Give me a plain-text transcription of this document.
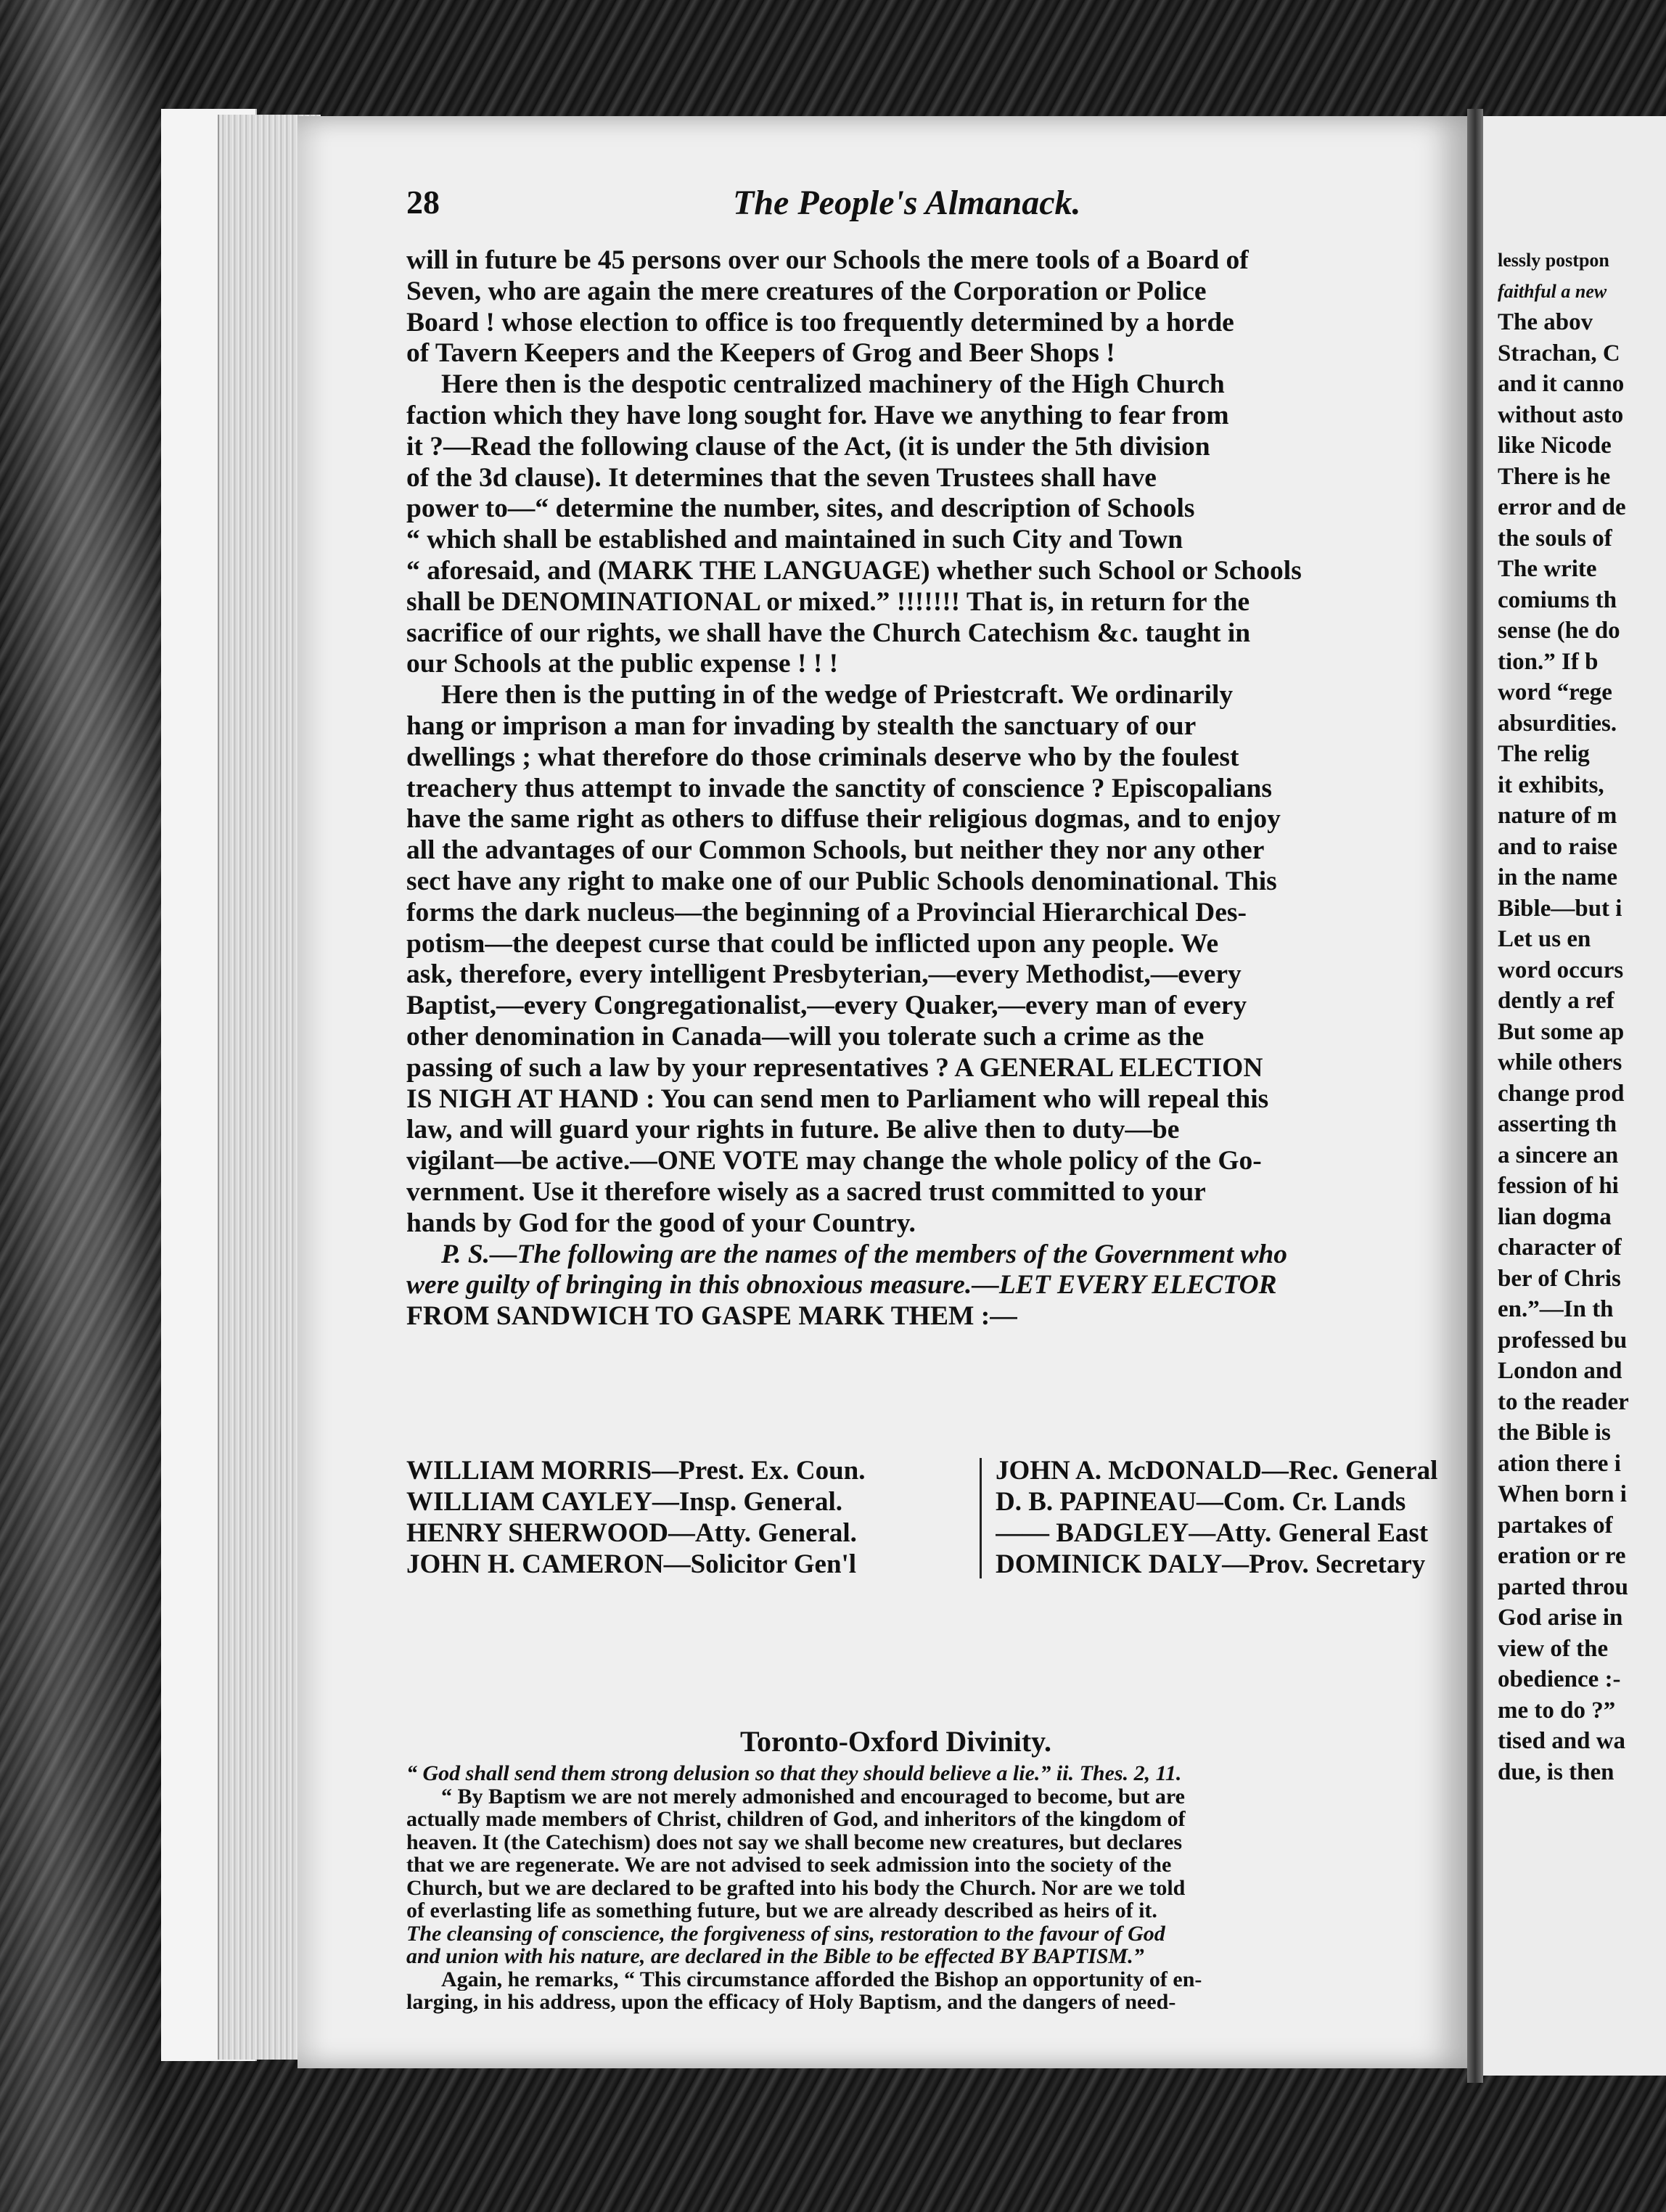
28	The People's Almanack.
will in future be 45 persons over our Schools the mere tools of a Board of
Seven, who are again the mere creatures of the Corporation or Police
Board ! whose election to office is too frequently determined by a horde
of Tavern Keepers and the Keepers of Grog and Beer Shops !
Here then is the despotic centralized machinery of the High Church
faction which they have long sought for. Have we anything to fear from
it ?—Read the following clause of the Act, (it is under the 5th division
of the 3d clause). It determines that the seven Trustees shall have
power to—“ determine the number, sites, and description of Schools
“ which shall be established and maintained in such City and Town
“ aforesaid, and (MARK THE LANGUAGE) whether such School or Schools
shall be DENOMINATIONAL or mixed.” !!!!!!! That is, in return for the
sacrifice of our rights, we shall have the Church Catechism &c. taught in
our Schools at the public expense ! ! !
Here then is the putting in of the wedge of Priestcraft. We ordinarily
hang or imprison a man for invading by stealth the sanctuary of our
dwellings ; what therefore do those criminals deserve who by the foulest
treachery thus attempt to invade the sanctity of conscience ? Episcopalians
have the same right as others to diffuse their religious dogmas, and to enjoy
all the advantages of our Common Schools, but neither they nor any other
sect have any right to make one of our Public Schools denominational. This
forms the dark nucleus—the beginning of a Provincial Hierarchical Des-
potism—the deepest curse that could be inflicted upon any people. We
ask, therefore, every intelligent Presbyterian,—every Methodist,—every
Baptist,—every Congregationalist,—every Quaker,—every man of every
other denomination in Canada—will you tolerate such a crime as the
passing of such a law by your representatives ? A GENERAL ELECTION
IS NIGH AT HAND : You can send men to Parliament who will repeal this
law, and will guard your rights in future. Be alive then to duty—be
vigilant—be active.—ONE VOTE may change the whole policy of the Go-
vernment. Use it therefore wisely as a sacred trust committed to your
hands by God for the good of your Country.
P. S.—The following are the names of the members of the Government who
were guilty of bringing in this obnoxious measure.—LET EVERY ELECTOR
FROM SANDWICH TO GASPE MARK THEM :—
WILLIAM MORRIS—Prest. Ex. Coun.
WILLIAM CAYLEY—Insp. General.
HENRY SHERWOOD—Atty. General.
JOHN H. CAMERON—Solicitor Gen'l
JOHN A. McDONALD—Rec. General
D. B. PAPINEAU—Com. Cr. Lands
—— BADGLEY—Atty. General East
DOMINICK DALY—Prov. Secretary
Toronto-Oxford Divinity.
“ God shall send them strong delusion so that they should believe a lie.” ii. Thes. 2, 11.
“ By Baptism we are not merely admonished and encouraged to become, but are
actually made members of Christ, children of God, and inheritors of the kingdom of
heaven. It (the Catechism) does not say we shall become new creatures, but declares
that we are regenerate. We are not advised to seek admission into the society of the
Church, but we are declared to be grafted into his body the Church. Nor are we told
of everlasting life as something future, but we are already described as heirs of it.
The cleansing of conscience, the forgiveness of sins, restoration to the favour of God
and union with his nature, are declared in the Bible to be effected BY BAPTISM.”
Again, he remarks, “ This circumstance afforded the Bishop an opportunity of en-
larging, in his address, upon the efficacy of Holy Baptism, and the dangers of need-
lessly postpon
faithful a new
The abov
Strachan, C
and it canno
without asto
like Nicode
There is he
error and de
the souls of
The write
comiums th
sense (he do
tion.” If b
word “rege
absurdities.
The relig
it exhibits,
nature of m
and to raise
in the name
Bible—but i
Let us en
word occurs
dently a ref
But some ap
while others
change prod
asserting th
a sincere an
fession of hi
lian dogma
character of
ber of Chris
en.”—In th
professed bu
London and
to the reader
the Bible is
ation there i
When born i
partakes of
eration or re
parted throu
God arise in
view of the
obedience :-
me to do ?”
tised and wa
due, is then
